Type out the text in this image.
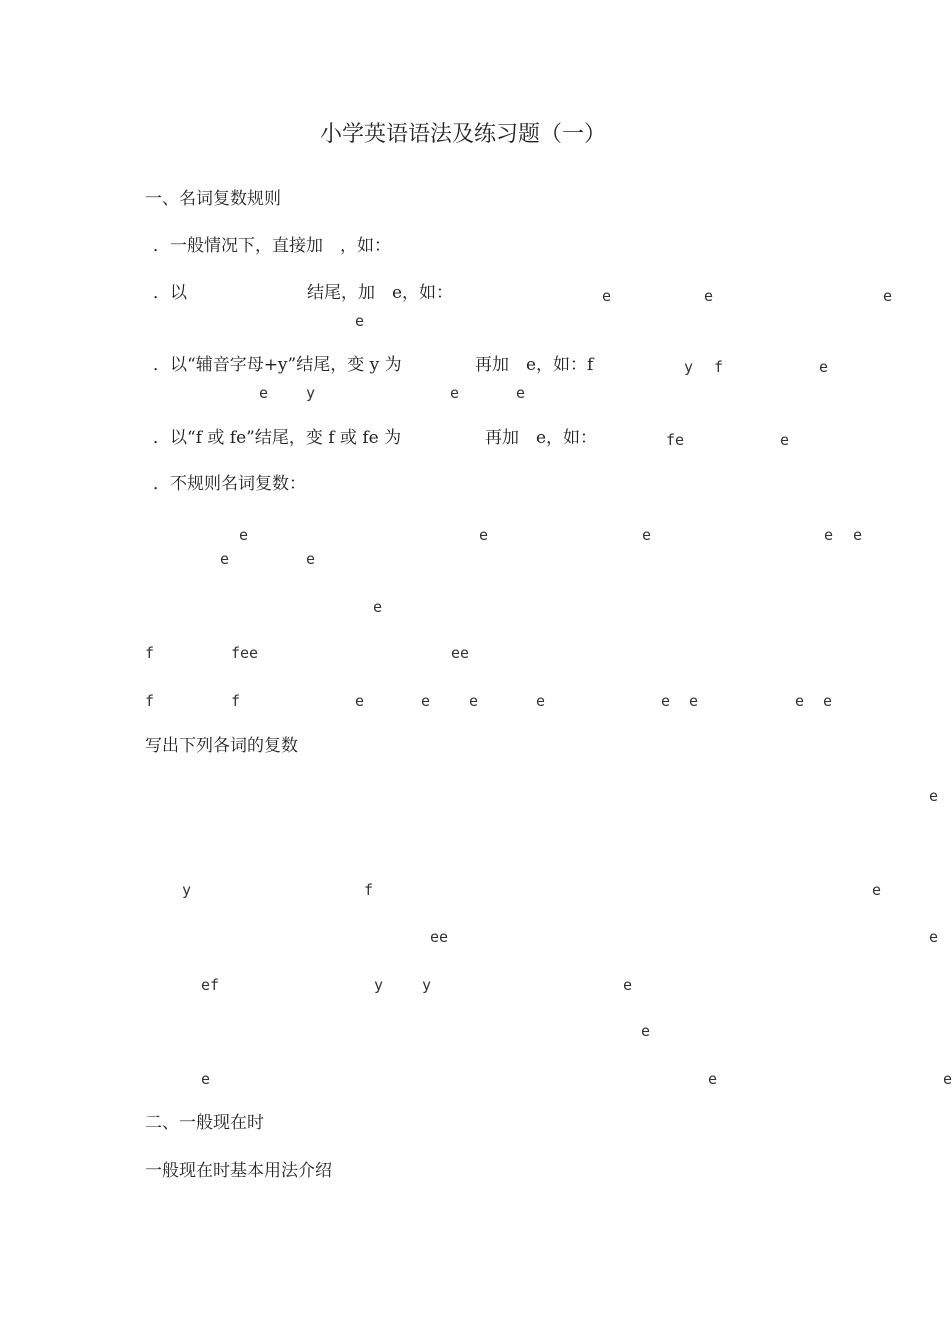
小学英语语法及练习题（一）
一、名词复数规则
．一般情况下，直接加　，如：
．以	结尾，加　e，如：	e	e	e
e
．以“辅音字母+y”结尾，变 y 为	再加　e，如：f	y f	e
e	y	e	e
．以“f 或 fe”结尾，变 f 或 fe 为	再加　e，如：	fe	e
．不规则名词复数：
e	e	e	e e
e	e
e
f	fee	ee
f	f	e	e	e	e	e e	e e
写出下列各词的复数
e
y	f	e
ee	e
ef	y	y	e
e
e	e	e
二、一般现在时
一般现在时基本用法介绍
